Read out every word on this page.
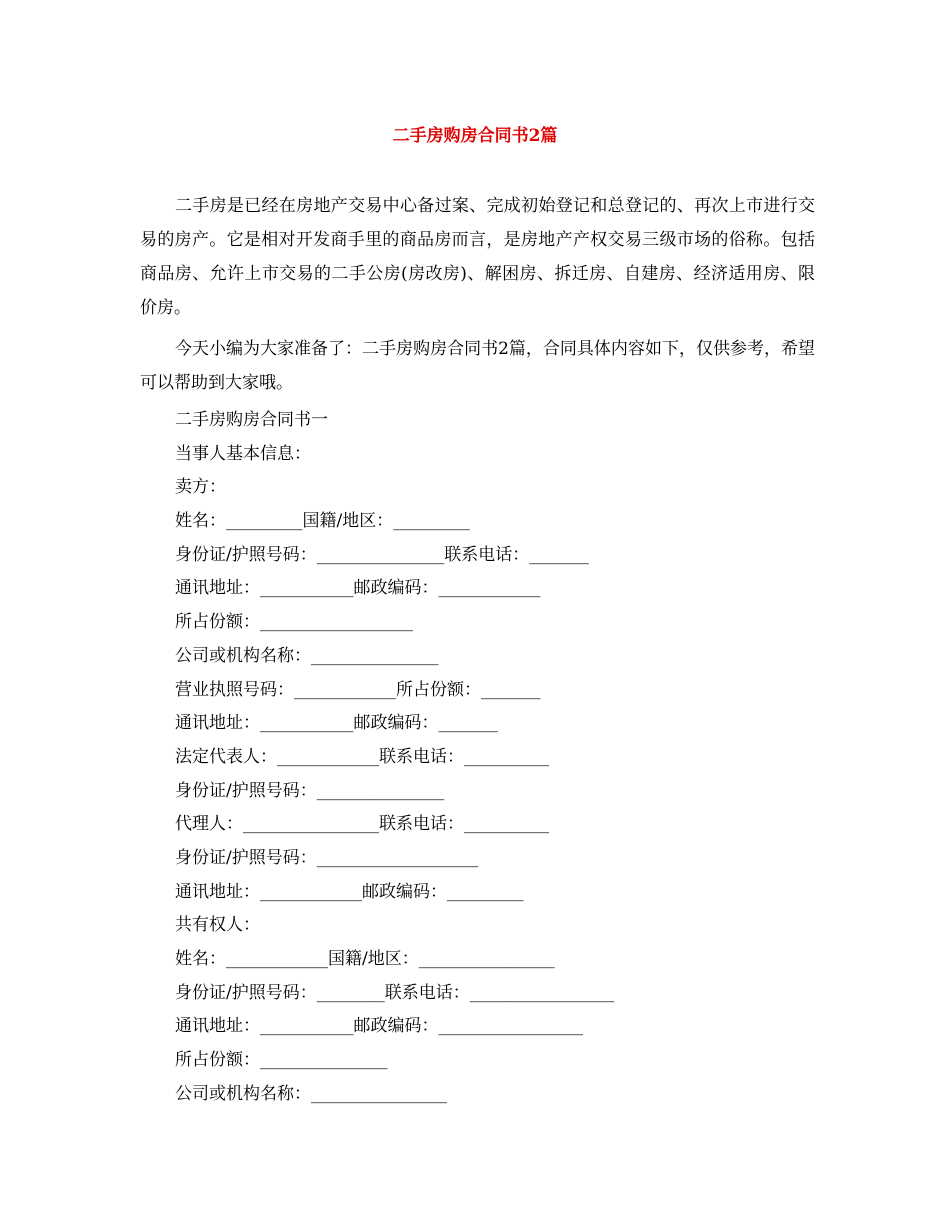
二手房购房合同书2篇

二手房是已经在房地产交易中心备过案、完成初始登记和总登记的、再次上市进行交易的房产。它是相对开发商手里的商品房而言，是房地产产权交易三级市场的俗称。包括商品房、允许上市交易的二手公房(房改房)、解困房、拆迁房、自建房、经济适用房、限价房。

今天小编为大家准备了：二手房购房合同书2篇，合同具体内容如下，仅供参考，希望可以帮助到大家哦。

二手房购房合同书一
当事人基本信息：
卖方：
姓名：_________国籍/地区：_________
身份证/护照号码：_______________联系电话：_______
通讯地址：___________邮政编码：____________
所占份额：__________________
公司或机构名称：_______________
营业执照号码：____________所占份额：_______
通讯地址：___________邮政编码：_______
法定代表人：____________联系电话：__________
身份证/护照号码：_______________
代理人：________________联系电话：__________
身份证/护照号码：___________________
通讯地址：____________邮政编码：_________
共有权人：
姓名：____________国籍/地区：________________
身份证/护照号码：________联系电话：_________________
通讯地址：___________邮政编码：_________________
所占份额：_______________
公司或机构名称：________________
